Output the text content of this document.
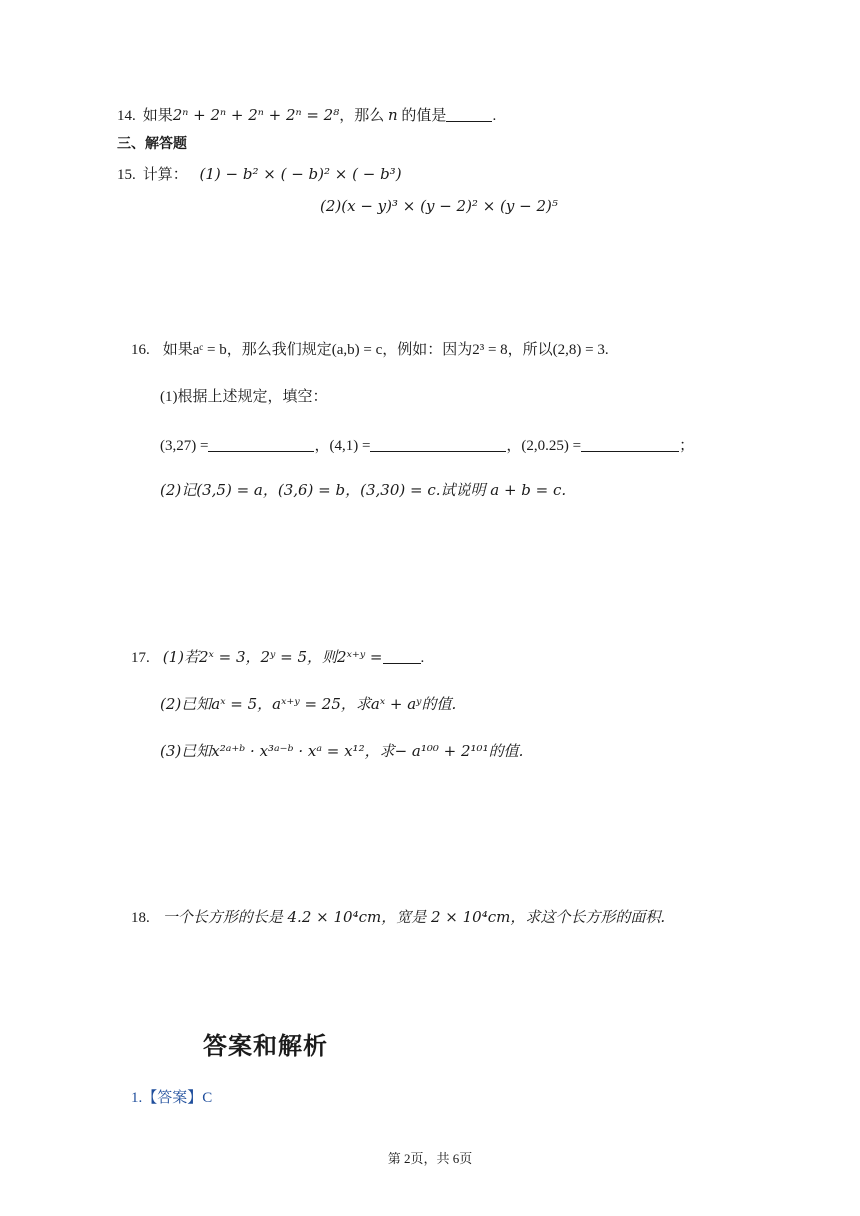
14. 如果2ⁿ + 2ⁿ + 2ⁿ + 2ⁿ = 2⁸，那么 n 的值是	.
三、解答题
15. 计算： (1) − b² × ( − b)² × ( − b³)
(2)(x − y)³ × (y − 2)² × (y − 2)⁵
16. 如果aᶜ = b，那么我们规定(a,b) = c，例如：因为2³ = 8，所以(2,8) = 3.
(1)根据上述规定，填空：
(3,27) =	，(4,1) =	，(2,0.25) =	；
(2)记(3,5) = a，(3,6) = b，(3,30) = c.试说明 a + b = c.
17. (1)若2ˣ = 3，2ʸ = 5，则2ˣ⁺ʸ =	.
(2)已知aˣ = 5，aˣ⁺ʸ = 25，求aˣ + aʸ的值.
(3)已知x²ᵃ⁺ᵇ · x³ᵃ⁻ᵇ · xᵃ = x¹²，求− a¹⁰⁰ + 2¹⁰¹的值.
18. 一个长方形的长是 4.2 × 10⁴cm，宽是 2 × 10⁴cm，求这个长方形的面积.
答案和解析
1.【答案】C
第 2页，共 6页
